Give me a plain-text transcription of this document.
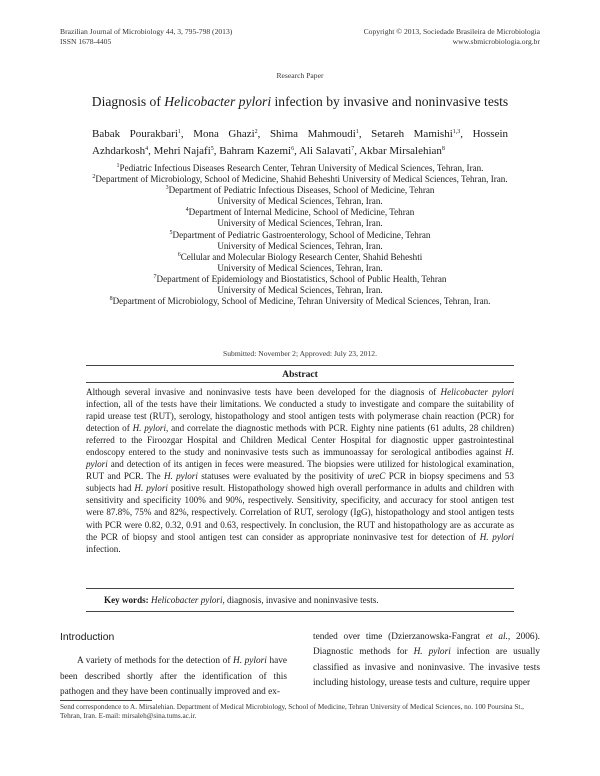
Brazilian Journal of Microbiology 44, 3, 795-798 (2013)
ISSN 1678-4405
Copyright © 2013, Sociedade Brasileira de Microbiologia
www.sbmicrobiologia.org.br
Research Paper
Diagnosis of Helicobacter pylori infection by invasive and noninvasive tests
Babak Pourakbari$^1$, Mona Ghazi$^2$, Shima Mahmoudi$^1$, Setareh Mamishi$^{1,3}$, Hossein Azhdarkosh$^4$, Mehri Najafi$^5$, Bahram Kazemi$^6$, Ali Salavati$^7$, Akbar Mirsalehian$^8$
$^1$Pediatric Infectious Diseases Research Center, Tehran University of Medical Sciences, Tehran, Iran.
$^2$Department of Microbiology, School of Medicine, Shahid Beheshti University of Medical Sciences, Tehran, Iran.
$^3$Department of Pediatric Infectious Diseases, School of Medicine, Tehran University of Medical Sciences, Tehran, Iran.
$^4$Department of Internal Medicine, School of Medicine, Tehran University of Medical Sciences, Tehran, Iran.
$^5$Department of Pediatric Gastroenterology, School of Medicine, Tehran University of Medical Sciences, Tehran, Iran.
$^6$Cellular and Molecular Biology Research Center, Shahid Beheshti University of Medical Sciences, Tehran, Iran.
$^7$Department of Epidemiology and Biostatistics, School of Public Health, Tehran University of Medical Sciences, Tehran, Iran.
$^8$Department of Microbiology, School of Medicine, Tehran University of Medical Sciences, Tehran, Iran.
Submitted: November 2; Approved: July 23, 2012.
Abstract
Although several invasive and noninvasive tests have been developed for the diagnosis of Helicobacter pylori infection, all of the tests have their limitations. We conducted a study to investigate and compare the suitability of rapid urease test (RUT), serology, histopathology and stool antigen tests with polymerase chain reaction (PCR) for detection of H. pylori, and correlate the diagnostic methods with PCR. Eighty nine patients (61 adults, 28 children) referred to the Firoozgar Hospital and Children Medical Center Hospital for diagnostic upper gastrointestinal endoscopy entered to the study and noninvasive tests such as immunoassay for serological antibodies against H. pylori and detection of its antigen in feces were measured. The biopsies were utilized for histological examination, RUT and PCR. The H. pylori statuses were evaluated by the positivity of ureC PCR in biopsy specimens and 53 subjects had H. pylori positive result. Histopathology showed high overall performance in adults and children with sensitivity and specificity 100% and 90%, respectively. Sensitivity, specificity, and accuracy for stool antigen test were 87.8%, 75% and 82%, respectively. Correlation of RUT, serology (IgG), histopathology and stool antigen tests with PCR were 0.82, 0.32, 0.91 and 0.63, respectively. In conclusion, the RUT and histopathology are as accurate as the PCR of biopsy and stool antigen test can consider as appropriate noninvasive test for detection of H. pylori infection.
Key words: Helicobacter pylori, diagnosis, invasive and noninvasive tests.
Introduction

A variety of methods for the detection of H. pylori have been described shortly after the identification of this pathogen and they have been continually improved and ex-

tended over time (Dzierzanowska-Fangrat et al., 2006). Diagnostic methods for H. pylori infection are usually classified as invasive and noninvasive. The invasive tests including histology, urease tests and culture, require upper

Send correspondence to A. Mirsalehian. Department of Medical Microbiology, School of Medicine, Tehran University of Medical Sciences, no. 100 Poursina St., Tehran, Iran. E-mail: mirsaleh@sina.tums.ac.ir.
